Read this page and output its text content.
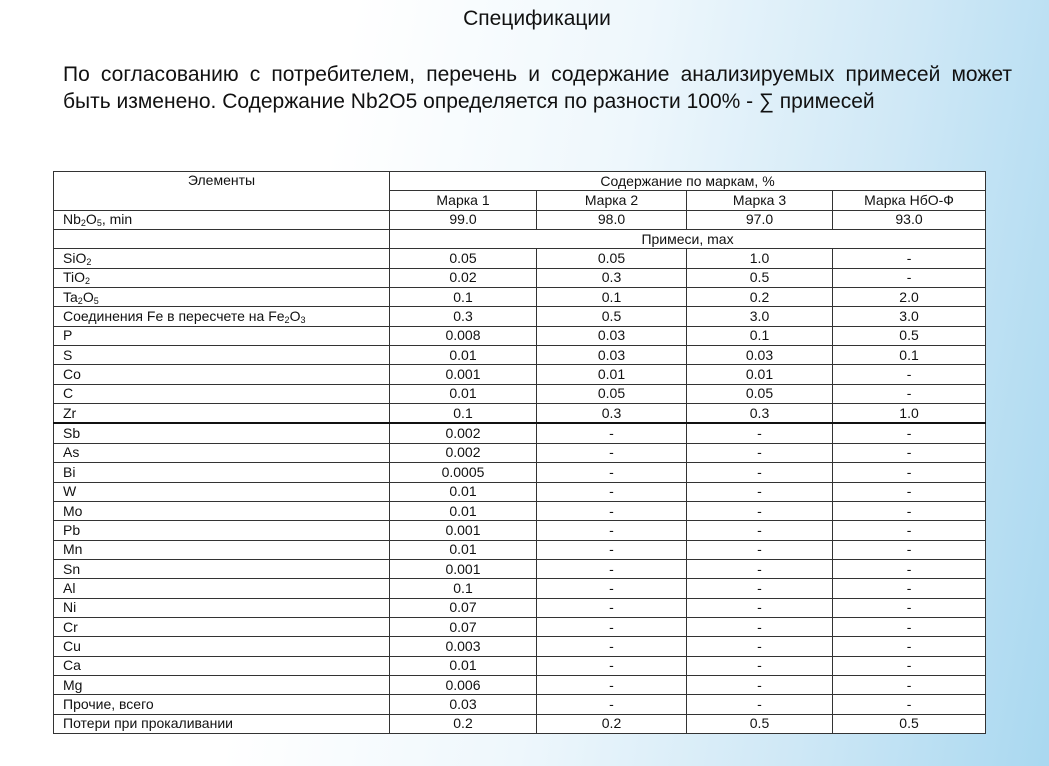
Спецификации

По согласованию с потребителем, перечень и содержание анализируемых примесей может быть изменено. Содержание Nb2O5 определяется по разности 100% - ∑ примесей

Элементы	Содержание по маркам, %			
	Марка 1	Марка 2	Марка 3	Марка НбО-Ф
$Nb_2O_5$, min	99.0	98.0	97.0	93.0
	Примеси, max			
SiO$_2$	0.05	0.05	1.0	-
TiO$_2$	0.02	0.3	0.5	-
$Ta_2O_5$	0.1	0.1	0.2	2.0
Соединения Fe в пересчете на $Fe_2O_3$	0.3	0.5	3.0	3.0
P	0.008	0.03	0.1	0.5
S	0.01	0.03	0.03	0.1
Co	0.001	0.01	0.01	-
C	0.01	0.05	0.05	-
Zr	0.1	0.3	0.3	1.0
Sb	0.002	-	-	-
As	0.002	-	-	-
Bi	0.0005	-	-	-
W	0.01	-	-	-
Mo	0.01	-	-	-
Pb	0.001	-	-	-
Mn	0.01	-	-	-
Sn	0.001	-	-	-
Al	0.1	-	-	-
Ni	0.07	-	-	-
Cr	0.07	-	-	-
Cu	0.003	-	-	-
Ca	0.01	-	-	-
Mg	0.006	-	-	-
Прочие, всего	0.03	-	-	-
Потери при прокаливании	0.2	0.2	0.5	0.5
